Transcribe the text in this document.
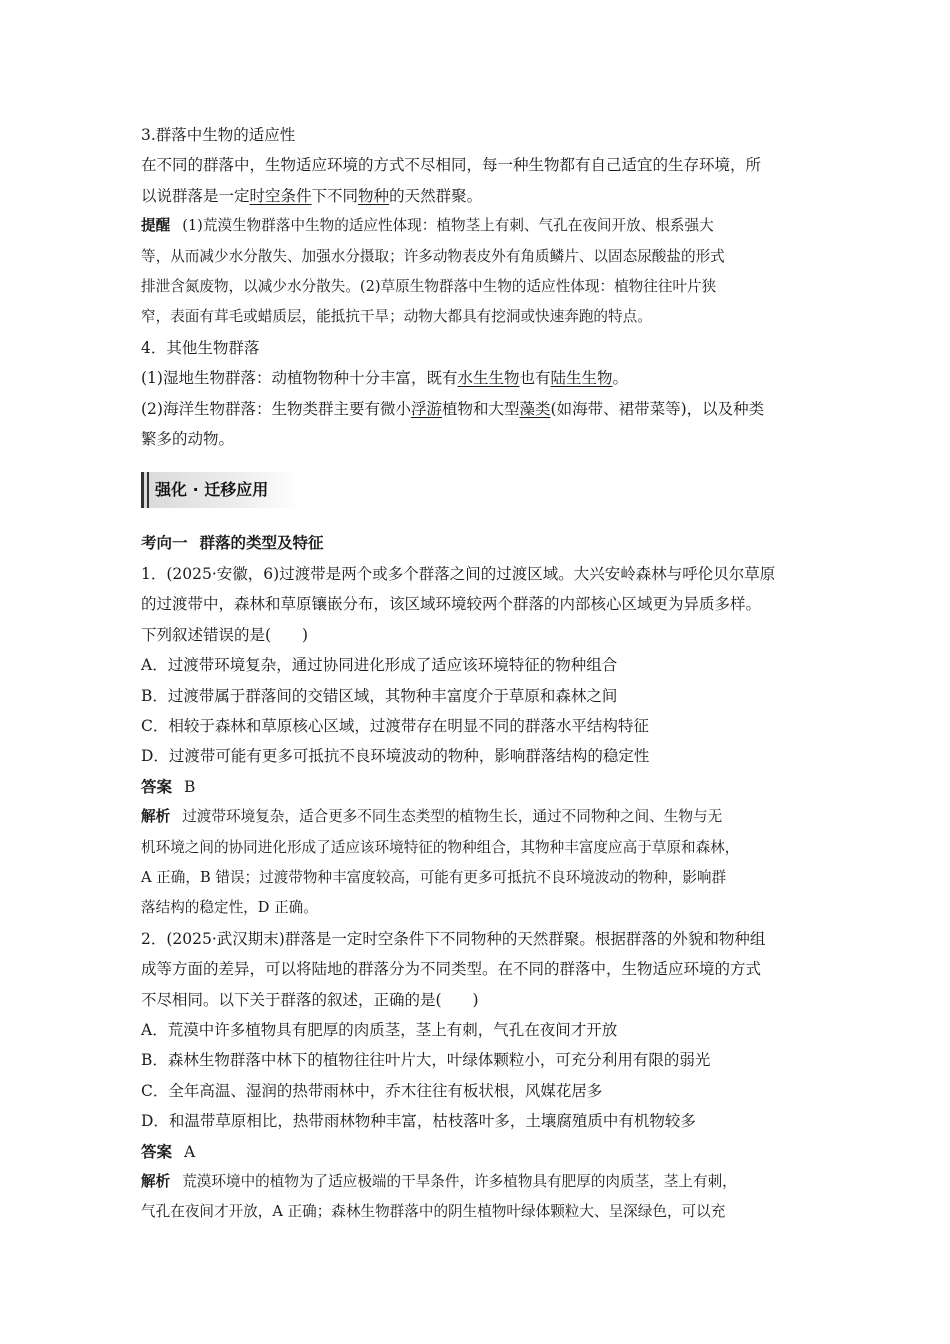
3.群落中生物的适应性
在不同的群落中，生物适应环境的方式不尽相同，每一种生物都有自己适宜的生存环境，所
以说群落是一定时空条件下不同物种的天然群聚。
提醒 (1)荒漠生物群落中生物的适应性体现：植物茎上有刺、气孔在夜间开放、根系强大
等，从而减少水分散失、加强水分摄取；许多动物表皮外有角质鳞片、以固态尿酸盐的形式
排泄含氮废物，以减少水分散失。(2)草原生物群落中生物的适应性体现：植物往往叶片狭
窄，表面有茸毛或蜡质层，能抵抗干旱；动物大都具有挖洞或快速奔跑的特点。
4．其他生物群落
(1)湿地生物群落：动植物物种十分丰富，既有水生生物也有陆生生物。
(2)海洋生物群落：生物类群主要有微小浮游植物和大型藻类(如海带、裙带菜等)，以及种类
繁多的动物。
强化 · 迁移应用
考向一 群落的类型及特征
1．(2025·安徽，6)过渡带是两个或多个群落之间的过渡区域。大兴安岭森林与呼伦贝尔草原
的过渡带中，森林和草原镶嵌分布，该区域环境较两个群落的内部核心区域更为异质多样。
下列叙述错误的是(　　)
A．过渡带环境复杂，通过协同进化形成了适应该环境特征的物种组合
B．过渡带属于群落间的交错区域，其物种丰富度介于草原和森林之间
C．相较于森林和草原核心区域，过渡带存在明显不同的群落水平结构特征
D．过渡带可能有更多可抵抗不良环境波动的物种，影响群落结构的稳定性
答案 B
解析 过渡带环境复杂，适合更多不同生态类型的植物生长，通过不同物种之间、生物与无
机环境之间的协同进化形成了适应该环境特征的物种组合，其物种丰富度应高于草原和森林，
A 正确，B 错误；过渡带物种丰富度较高，可能有更多可抵抗不良环境波动的物种，影响群
落结构的稳定性，D 正确。
2．(2025·武汉期末)群落是一定时空条件下不同物种的天然群聚。根据群落的外貌和物种组
成等方面的差异，可以将陆地的群落分为不同类型。在不同的群落中，生物适应环境的方式
不尽相同。以下关于群落的叙述，正确的是(　　)
A．荒漠中许多植物具有肥厚的肉质茎，茎上有刺，气孔在夜间才开放
B．森林生物群落中林下的植物往往叶片大，叶绿体颗粒小，可充分利用有限的弱光
C．全年高温、湿润的热带雨林中，乔木往往有板状根，风媒花居多
D．和温带草原相比，热带雨林物种丰富，枯枝落叶多，土壤腐殖质中有机物较多
答案 A
解析 荒漠环境中的植物为了适应极端的干旱条件，许多植物具有肥厚的肉质茎，茎上有刺，
气孔在夜间才开放，A 正确；森林生物群落中的阴生植物叶绿体颗粒大、呈深绿色，可以充
